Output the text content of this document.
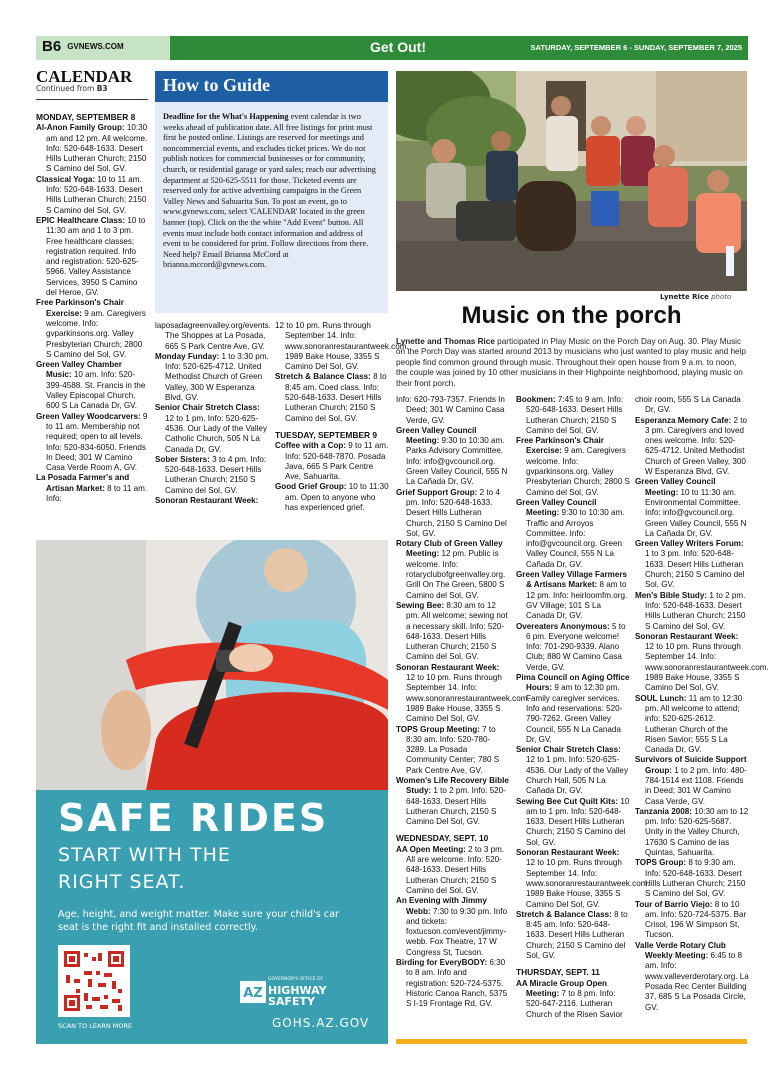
B6 GVNEWS.COM	Get Out!	SATURDAY, SEPTEMBER 6 - SUNDAY, SEPTEMBER 7, 2025
CALENDAR
Continued from B3	How to Guide
Deadline for the What's Happening event calendar is two weeks ahead of publication date. All free listings for print must first be posted online. Listings are reserved for meetings and noncommercial events, and excludes ticket prices. We do not publish notices for commercial businesses or for community, church, or residential garage or yard sales; reach our advertising department at 520-625-5511 for those. Ticketed events are reserved only for active advertising campaigns in the Green Valley News and Sahuarita Sun. To post an event, go to www.gvnews.com, select 'CALENDAR' located in the green banner (top). Click on the the white "Add Event" button. All events must include both contact information and address of event to be considered for print. Follow directions from there. Need help? Email Brianna McCord at brianna.mccord@gvnews.com.
Lynette Rice photo
Music on the porch
Lynette and Thomas Rice participated in Play Music on the Porch Day on Aug. 30. Play Music on the Porch Day was started around 2013 by musicians who just wanted to play music and help people find common ground through music. Throughout their open house from 9 a.m. to noon, the couple was joined by 10 other musicians in their Highpointe neighborhood, playing music on their front porch.
MONDAY, SEPTEMBER 8
Al-Anon Family Group: 10:30 am and 12 pm. All welcome. Info: 520-648-1633. Desert Hills Lutheran Church; 2150 S Camino del Sol, GV.
Classical Yoga: 10 to 11 am. Info: 520-648-1633. Desert Hills Lutheran Church; 2150 S Camino del Sol, GV.
EPIC Healthcare Class: 10 to 11:30 am and 1 to 3 pm. Free healthcare classes; registration required. Info and registration: 520-625-5966. Valley Assistance Services, 3950 S Camino del Heroe, GV.
Free Parkinson's Chair Exercise: 9 am. Caregivers welcome. Info: gvparkinsons.org. Valley Presbyterian Church; 2800 S Camino del Sol, GV.
Green Valley Chamber Music: 10 am. Info: 520-399-4588. St. Francis in the Valley Episcopal Church, 600 S La Canada Dr, GV.
Green Valley Woodcarvers: 9 to 11 am. Membership not required; open to all levels. Info: 520-834-6050. Friends In Deed; 301 W Camino Casa Verde Room A, GV.
La Posada Farmer's and Artisan Market: 8 to 11 am. Info:
laposadagreenvalley.org/events. The Shoppes at La Posada, 665 S Park Centre Ave, GV.
Monday Funday: 1 to 3:30 pm. Info: 520-625-4712. United Methodist Church of Green Valley, 300 W Esperanza Blvd, GV.
Senior Chair Stretch Class: 12 to 1 pm. Info: 520-625-4536. Our Lady of the Valley Catholic Church, 505 N La Canada Dr, GV.
Sober Sisters: 3 to 4 pm. Info: 520-648-1633. Desert Hills Lutheran Church; 2150 S Camino del Sol, GV.
Sonoran Restaurant Week:
12 to 10 pm. Runs through September 14. Info: www.sonoranrestaurantweek.com. 1989 Bake House, 3355 S Camino Del Sol, GV.
Stretch & Balance Class: 8 to 8:45 am. Coed class. Info: 520-648-1633. Desert Hills Lutheran Church; 2150 S Camino del Sol, GV.
TUESDAY, SEPTEMBER 9
Coffee with a Cop: 9 to 11 am. Info: 520-648-7870. Posada Java, 665 S Park Centre Ave, Sahuarita.
Good Grief Group: 10 to 11:30 am. Open to anyone who has experienced grief.
Info: 620-793-7357. Friends In Deed; 301 W Camino Casa Verde, GV.
Green Valley Council Meeting: 9:30 to 10:30 am. Parks Advisory Committee. Info: info@gvcouncil.org. Green Valley Council, 555 N La Cañada Dr, GV.
Grief Support Group: 2 to 4 pm. Info: 520-648-1633. Desert Hills Lutheran Church, 2150 S Camino Del Sol, GV.
Rotary Club of Green Valley Meeting: 12 pm. Public is welcome. Info: rotaryclubofgreenvalley.org. Grill On The Green, 5800 S Camino del Sol, GV.
Sewing Bee: 8:30 am to 12 pm. All welcome; sewing not a necessary skill. Info: 520-648-1633. Desert Hills Lutheran Church; 2150 S Camino del Sol, GV.
Sonoran Restaurant Week: 12 to 10 pm. Runs through September 14. Info: www.sonoranrestaurantweek.com. 1989 Bake House, 3355 S Camino Del Sol, GV.
TOPS Group Meeting: 7 to 8:30 am. Info: 520-780-3289. La Posada Community Center; 780 S Park Centre Ave, GV.
Women's Life Recovery Bible Study: 1 to 2 pm. Info: 520-648-1633. Desert Hills Lutheran Church, 2150 S Camino Del Sol, GV.
WEDNESDAY, SEPT. 10
AA Open Meeting: 2 to 3 pm. All are welcome. Info: 520-648-1633. Desert Hills Lutheran Church; 2150 S Camino del Sol, GV.
An Evening with Jimmy Webb: 7:30 to 9:30 pm. Info and tickets: foxtucson.com/event/jimmy-webb. Fox Theatre, 17 W Congress St, Tucson.
Birding for EveryBODY: 6:30 to 8 am. Info and registration: 520-724-5375. Historic Canoa Ranch, 5375 S I-19 Frontage Rd, GV.
Bookmen: 7:45 to 9 am. Info: 520-648-1633. Desert Hills Lutheran Church; 2150 S Camino del Sol, GV.
Free Parkinson's Chair Exercise: 9 am. Caregivers welcome. Info: gvparkinsons.org. Valley Presbyterian Church; 2800 S Camino del Sol, GV.
Green Valley Council Meeting: 9:30 to 10:30 am. Traffic and Arroyos Committee. Info: info@gvcouncil.org. Green Valley Council, 555 N La Cañada Dr, GV.
Green Valley Village Farmers & Artisans Market: 8 am to 12 pm. Info: heirloomfm.org. GV Village; 101 S La Canada Dr, GV.
Overeaters Anonymous: 5 to 6 pm. Everyone welcome! Info: 701-290-9339. Alano Club; 880 W Camino Casa Verde, GV.
Pima Council on Aging Office Hours: 9 am to 12:30 pm. Family caregiver services. Info and reservations: 520-790-7262. Green Valley Council, 555 N La Canada Dr, GV.
Senior Chair Stretch Class: 12 to 1 pm. Info: 520-625-4536. Our Lady of the Valley Church Hall, 505 N La Cañada Dr, GV.
Sewing Bee Cut Quilt Kits: 10 am to 1 pm. Info: 520-648-1633. Desert Hills Lutheran Church; 2150 S Camino del Sol, GV.
Sonoran Restaurant Week: 12 to 10 pm. Runs through September 14. Info: www.sonoranrestaurantweek.com. 1989 Bake House, 3355 S Camino Del Sol, GV.
Stretch & Balance Class: 8 to 8:45 am. Info: 520-648-1633. Desert Hills Lutheran Church; 2150 S Camino del Sol, GV.
THURSDAY, SEPT. 11
AA Miracle Group Open Meeting: 7 to 8 pm. Info: 520-647-2116. Lutheran Church of the Risen Savior
choir room, 555 S La Canada Dr, GV.
Esperanza Memory Cafe: 2 to 3 pm. Caregivers and loved ones welcome. Info: 520-625-4712. United Methodist Church of Green Valley, 300 W Esperanza Blvd, GV.
Green Valley Council Meeting: 10 to 11:30 am. Environmental Committee. Info: info@gvcouncil.org. Green Valley Council, 555 N La Cañada Dr, GV.
Green Valley Writers Forum: 1 to 3 pm. Info: 520-648-1633. Desert Hills Lutheran Church; 2150 S Camino del Sol, GV.
Men's Bible Study: 1 to 2 pm. Info: 520-648-1633. Desert Hills Lutheran Church; 2150 S Camino del Sol, GV.
Sonoran Restaurant Week: 12 to 10 pm. Runs through September 14. Info: www.sonoranrestaurantweek.com. 1989 Bake House, 3355 S Camino Del Sol, GV.
SOUL Lunch: 11 am to 12:30 pm. All welcome to attend; info: 520-625-2612. Lutheran Church of the Risen Savior; 555 S La Canada Dr, GV.
Survivors of Suicide Support Group: 1 to 2 pm. Info: 480-784-1514 ext 1108. Friends in Deed; 301 W Camino Casa Verde, GV.
Tanzania 2008: 10:30 am to 12 pm. Info: 520-625-5687. Unity in the Valley Church, 17630 S Camino de las Quintas, Sahuarita.
TOPS Group: 8 to 9:30 am. Info: 520-648-1633. Desert Hills Lutheran Church; 2150 S Camino del Sol, GV.
Tour of Barrio Viejo: 8 to 10 am. Info: 520-724-5375. Bar Crisol, 196 W Simpson St, Tucson.
Valle Verde Rotary Club Weekly Meeting: 6:45 to 8 am. Info: www.valleverderotary.org. La Posada Rec Center Building 37, 685 S La Posada Circle, GV.
SAFE RIDES
START WITH THE
RIGHT SEAT.
Age, height, and weight matter. Make sure your child's car seat is the right fit and installed correctly.
SCAN TO LEARN MORE
AZ
GOVERNOR'S OFFICE OF
HIGHWAY
SAFETY
GOHS.AZ.GOV
